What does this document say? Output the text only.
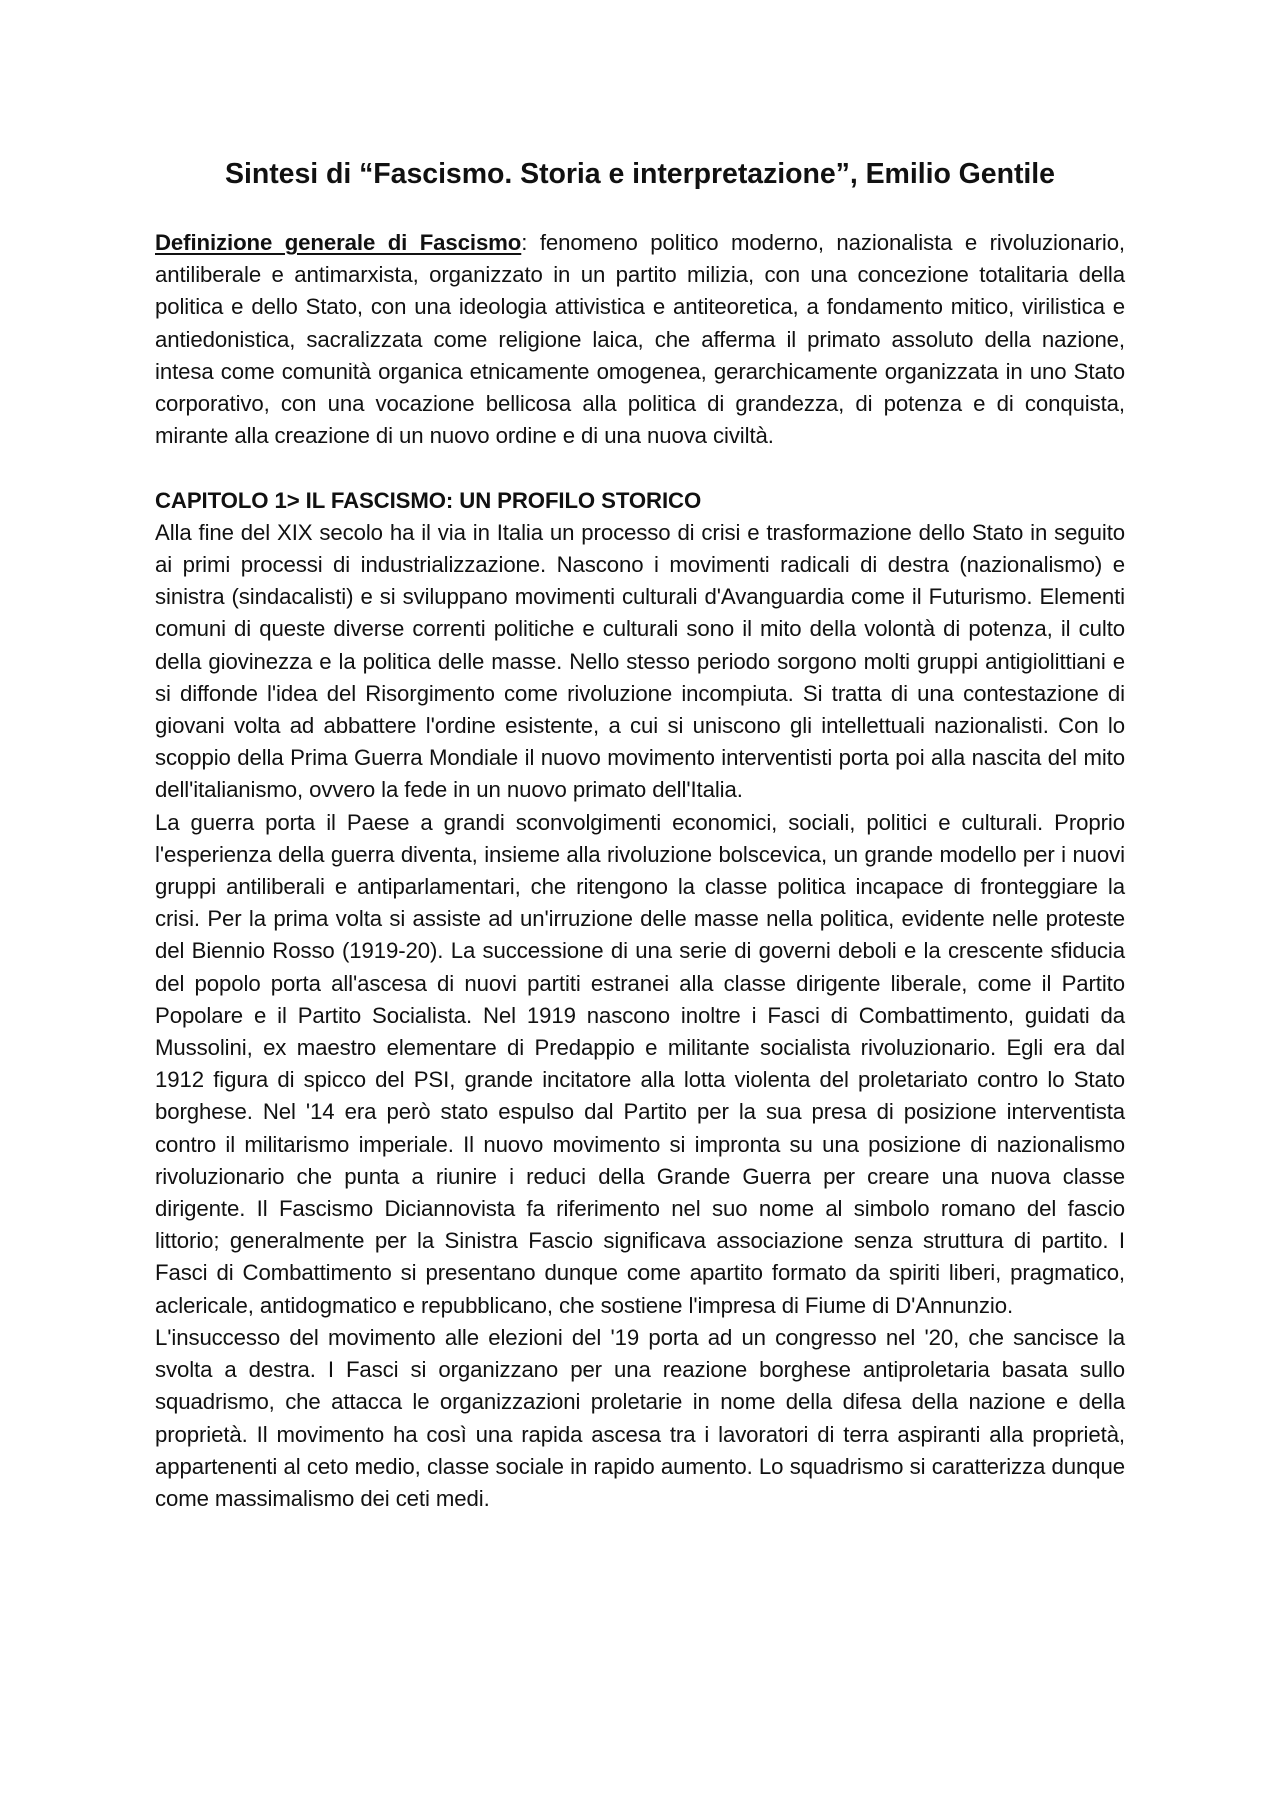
Sintesi di “Fascismo. Storia e interpretazione”, Emilio Gentile

Definizione generale di Fascismo: fenomeno politico moderno, nazionalista e rivoluzionario, antiliberale e antimarxista, organizzato in un partito milizia, con una concezione totalitaria della politica e dello Stato, con una ideologia attivistica e antiteoretica, a fondamento mitico, virilistica e antiedonistica, sacralizzata come religione laica, che afferma il primato assoluto della nazione, intesa come comunità organica etnicamente omogenea, gerarchicamente organizzata in uno Stato corporativo, con una vocazione bellicosa alla politica di grandezza, di potenza e di conquista, mirante alla creazione di un nuovo ordine e di una nuova civiltà.

CAPITOLO 1> IL FASCISMO: UN PROFILO STORICO

Alla fine del XIX secolo ha il via in Italia un processo di crisi e trasformazione dello Stato in seguito ai primi processi di industrializzazione. Nascono i movimenti radicali di destra (nazionalismo) e sinistra (sindacalisti) e si sviluppano movimenti culturali d'Avanguardia come il Futurismo. Elementi comuni di queste diverse correnti politiche e culturali sono il mito della volontà di potenza, il culto della giovinezza e la politica delle masse. Nello stesso periodo sorgono molti gruppi antigiolittiani e si diffonde l'idea del Risorgimento come rivoluzione incompiuta. Si tratta di una contestazione di giovani volta ad abbattere l'ordine esistente, a cui si uniscono gli intellettuali nazionalisti. Con lo scoppio della Prima Guerra Mondiale il nuovo movimento interventisti porta poi alla nascita del mito dell'italianismo, ovvero la fede in un nuovo primato dell'Italia.

La guerra porta il Paese a grandi sconvolgimenti economici, sociali, politici e culturali. Proprio l'esperienza della guerra diventa, insieme alla rivoluzione bolscevica, un grande modello per i nuovi gruppi antiliberali e antiparlamentari, che ritengono la classe politica incapace di fronteggiare la crisi. Per la prima volta si assiste ad un'irruzione delle masse nella politica, evidente nelle proteste del Biennio Rosso (1919-20). La successione di una serie di governi deboli e la crescente sfiducia del popolo porta all'ascesa di nuovi partiti estranei alla classe dirigente liberale, come il Partito Popolare e il Partito Socialista. Nel 1919 nascono inoltre i Fasci di Combattimento, guidati da Mussolini, ex maestro elementare di Predappio e militante socialista rivoluzionario. Egli era dal 1912 figura di spicco del PSI, grande incitatore alla lotta violenta del proletariato contro lo Stato borghese. Nel '14 era però stato espulso dal Partito per la sua presa di posizione interventista contro il militarismo imperiale. Il nuovo movimento si impronta su una posizione di nazionalismo rivoluzionario che punta a riunire i reduci della Grande Guerra per creare una nuova classe dirigente. Il Fascismo Diciannovista fa riferimento nel suo nome al simbolo romano del fascio littorio; generalmente per la Sinistra Fascio significava associazione senza struttura di partito. I Fasci di Combattimento si presentano dunque come apartito formato da spiriti liberi, pragmatico, aclericale, antidogmatico e repubblicano, che sostiene l'impresa di Fiume di D'Annunzio.

L'insuccesso del movimento alle elezioni del '19 porta ad un congresso nel '20, che sancisce la svolta a destra. I Fasci si organizzano per una reazione borghese antiproletaria basata sullo squadrismo, che attacca le organizzazioni proletarie in nome della difesa della nazione e della proprietà. Il movimento ha così una rapida ascesa tra i lavoratori di terra aspiranti alla proprietà, appartenenti al ceto medio, classe sociale in rapido aumento. Lo squadrismo si caratterizza dunque come massimalismo dei ceti medi.
